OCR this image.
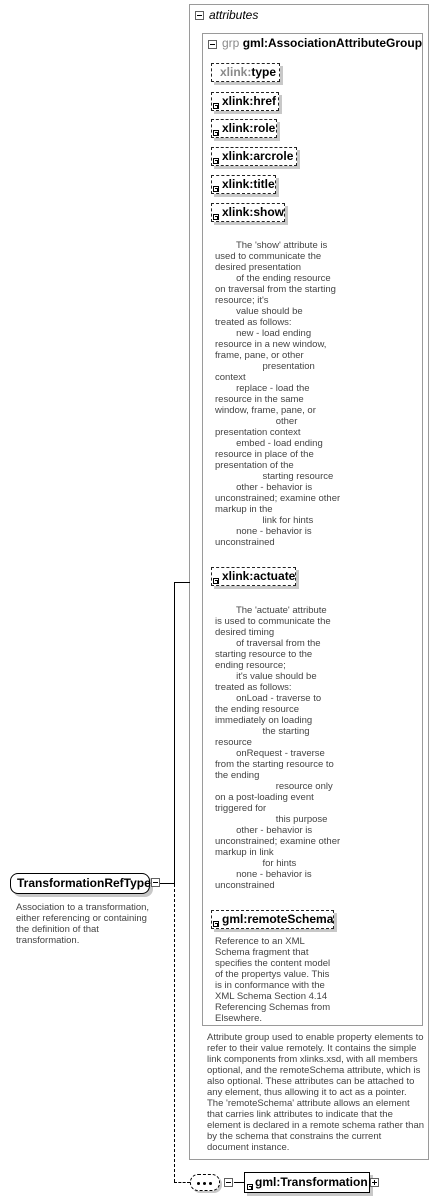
attributes
grp gml:AssociationAttributeGroup
xlink:type
xlink:href
xlink:role
xlink:arcrole
xlink:title
xlink:show
The 'show' attribute is
used to communicate the
desired presentation
of the ending resource
on traversal from the starting
resource; it's
value should be
treated as follows:
new - load ending
resource in a new window,
frame, pane, or other
presentation
context
replace - load the
resource in the same
window, frame, pane, or
other
presentation context
embed - load ending
resource in place of the
presentation of the
starting resource
other - behavior is
unconstrained; examine other
markup in the
link for hints
none - behavior is
unconstrained
xlink:actuate
The 'actuate' attribute
is used to communicate the
desired timing
of traversal from the
starting resource to the
ending resource;
it's value should be
treated as follows:
onLoad - traverse to
the ending resource
immediately on loading
the starting
resource
onRequest - traverse
from the starting resource to
the ending
resource only
on a post-loading event
triggered for
this purpose
other - behavior is
unconstrained; examine other
markup in link
for hints
none - behavior is
unconstrained
gml:remoteSchema
Reference to an XML
Schema fragment that
specifies the content model
of the propertys value. This
is in conformance with the
XML Schema Section 4.14
Referencing Schemas from
Elsewhere.
Attribute group used to enable property elements to refer to their value remotely. It contains the simple link components from xlinks.xsd, with all members optional, and the remoteSchema attribute, which is also optional. These attributes can be attached to any element, thus allowing it to act as a pointer. The 'remoteSchema' attribute allows an element that carries link attributes to indicate that the element is declared in a remote schema rather than by the schema that constrains the current document instance.
TransformationRefType
Association to a transformation,
either referencing or containing
the definition of that
transformation.
gml:Transformation
